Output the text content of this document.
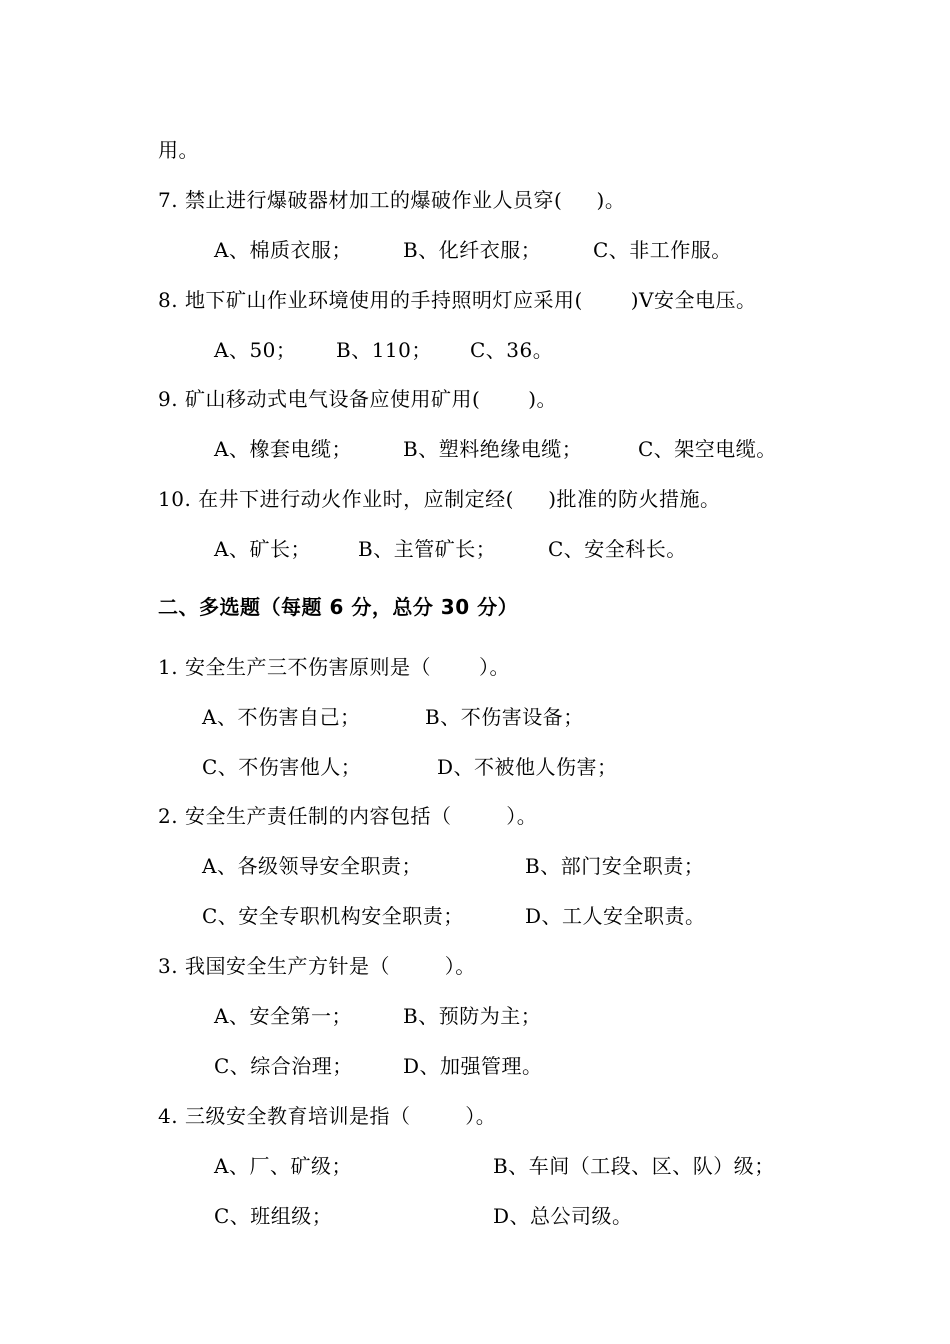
用。
7. 禁止进行爆破器材加工的爆破作业人员穿(     )。
A、棉质衣服；	B、化纤衣服；	C、非工作服。
8. 地下矿山作业环境使用的手持照明灯应采用(       )V安全电压。
A、50； B、110； C、36。
9. 矿山移动式电气设备应使用矿用(       )。
A、橡套电缆；	B、塑料绝缘电缆；	C、架空电缆。
10. 在井下进行动火作业时，应制定经(     )批准的防火措施。
A、矿长； B、主管矿长；	C、安全科长。
二、多选题（每题 6 分，总分 30 分）
1. 安全生产三不伤害原则是（       ）。
A、不伤害自己；	B、不伤害设备；
C、不伤害他人；	D、不被他人伤害；
2. 安全生产责任制的内容包括（        ）。
A、各级领导安全职责；	B、部门安全职责；
C、安全专职机构安全职责；	D、工人安全职责。
3. 我国安全生产方针是（        ）。
A、安全第一；	B、预防为主；
C、综合治理；	D、加强管理。
4. 三级安全教育培训是指（        ）。
A、厂、矿级；	B、车间（工段、区、队）级；
C、班组级；	D、总公司级。
